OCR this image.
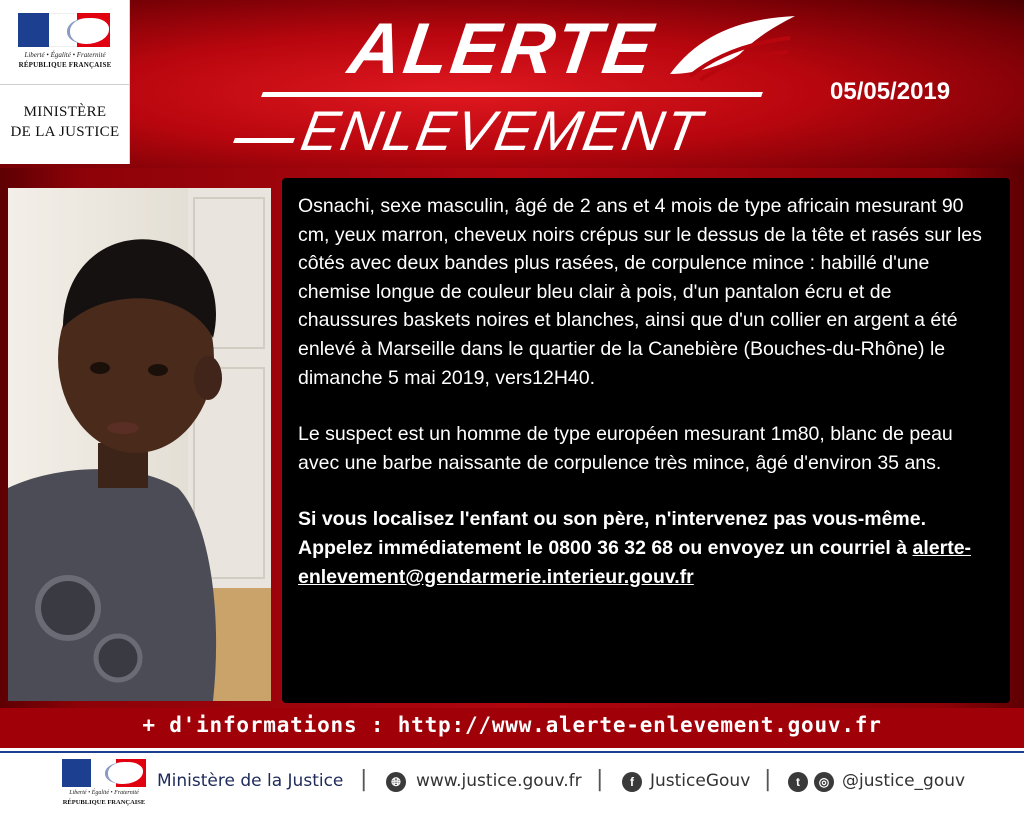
Liberté • Égalité • Fraternité
RÉPUBLIQUE FRANÇAISE
MINISTÈRE
DE LA JUSTICE
ALERTE
ENLEVEMENT
05/05/2019

Osnachi, sexe masculin, âgé de 2 ans et 4 mois de type africain mesurant 90 cm, yeux marron, cheveux noirs crépus sur le dessus de la tête et rasés sur les côtés avec deux bandes plus rasées, de corpulence mince : habillé d'une chemise longue de couleur bleu clair à pois, d'un pantalon écru et de chaussures baskets noires et blanches, ainsi que d'un collier en argent a été enlevé à Marseille dans le quartier de la Canebière (Bouches-du-Rhône) le dimanche 5 mai 2019, vers12H40.

Le suspect est un homme de type européen mesurant 1m80, blanc de peau avec une barbe naissante de corpulence très mince, âgé d'environ 35 ans.

Si vous localisez l'enfant ou son père, n'intervenez pas vous-même.

Appelez immédiatement le 0800 36 32 68 ou envoyez un courriel à alerte-enlevement@gendarmerie.interieur.gouv.fr

+ d'informations : http://www.alerte-enlevement.gouv.fr
Liberté • Égalité • Fraternité
RÉPUBLIQUE FRANÇAISE
Ministère de la Justice |	🌐︎ www.justice.gouv.fr |	f JusticeGouv |	t	◎ @justice_gouv
